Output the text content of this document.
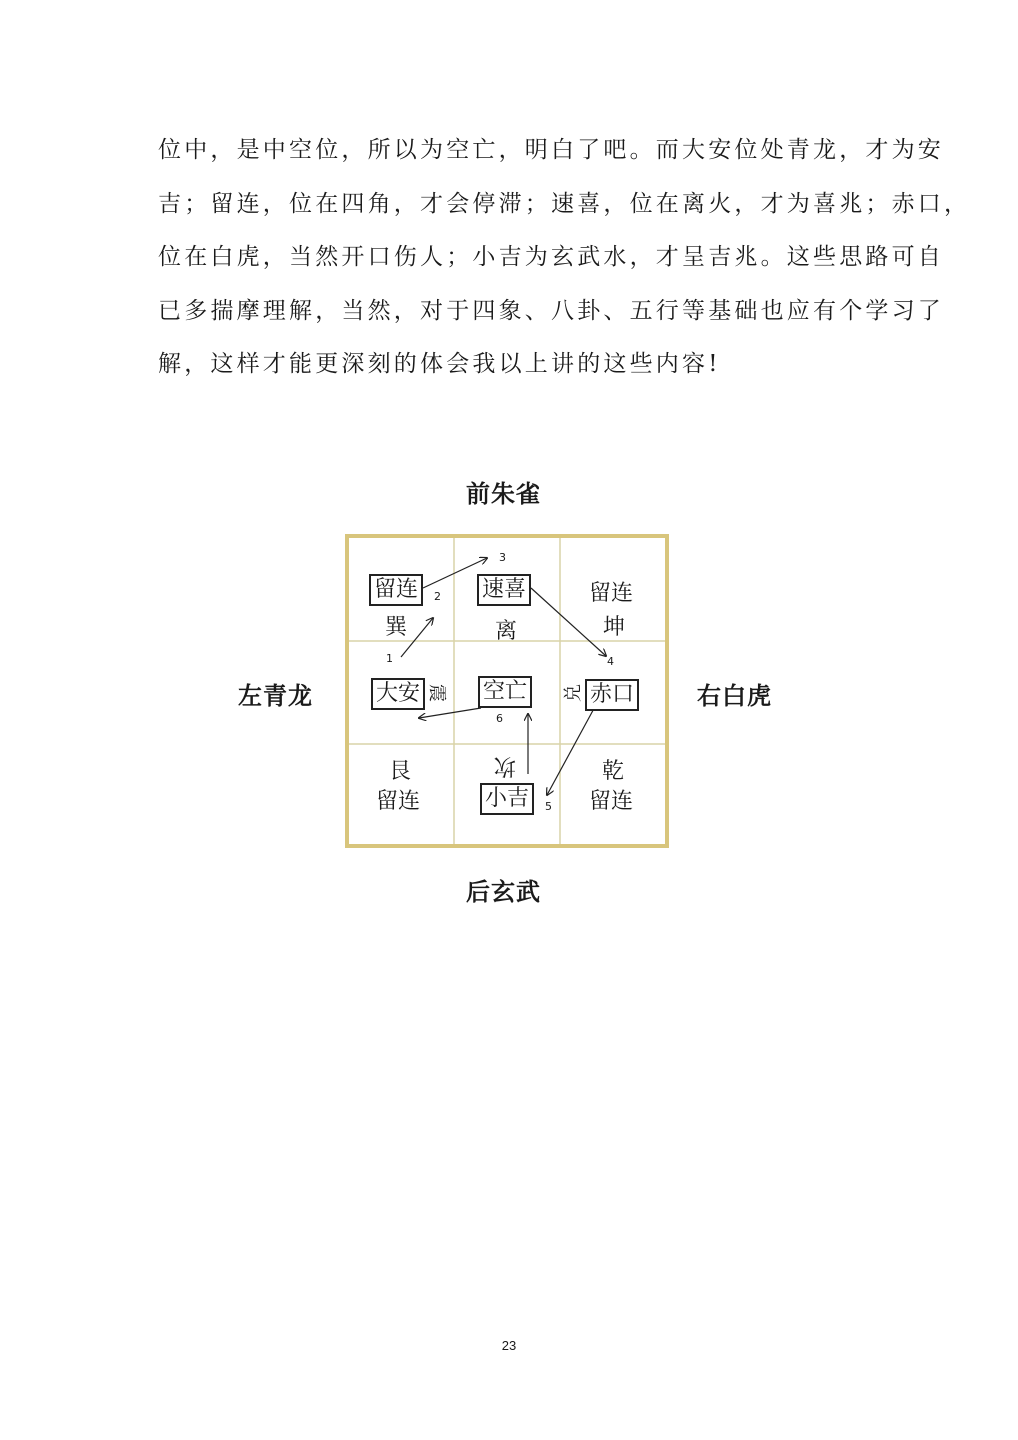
位中，是中空位，所以为空亡，明白了吧。而大安位处青龙，才为安
吉；留连，位在四角，才会停滞；速喜，位在离火，才为喜兆；赤口，
位在白虎，当然开口伤人；小吉为玄武水，才呈吉兆。这些思路可自
已多揣摩理解，当然，对于四象、八卦、五行等基础也应有个学习了
解，这样才能更深刻的体会我以上讲的这些内容!
前朱雀
后玄武
左青龙	右白虎
留连
巽
速喜
离
留连
坤
大安 震 空亡 兑 赤口
艮
留连
坎
小吉
乾
留连
1
2
3
4
5
6
23
